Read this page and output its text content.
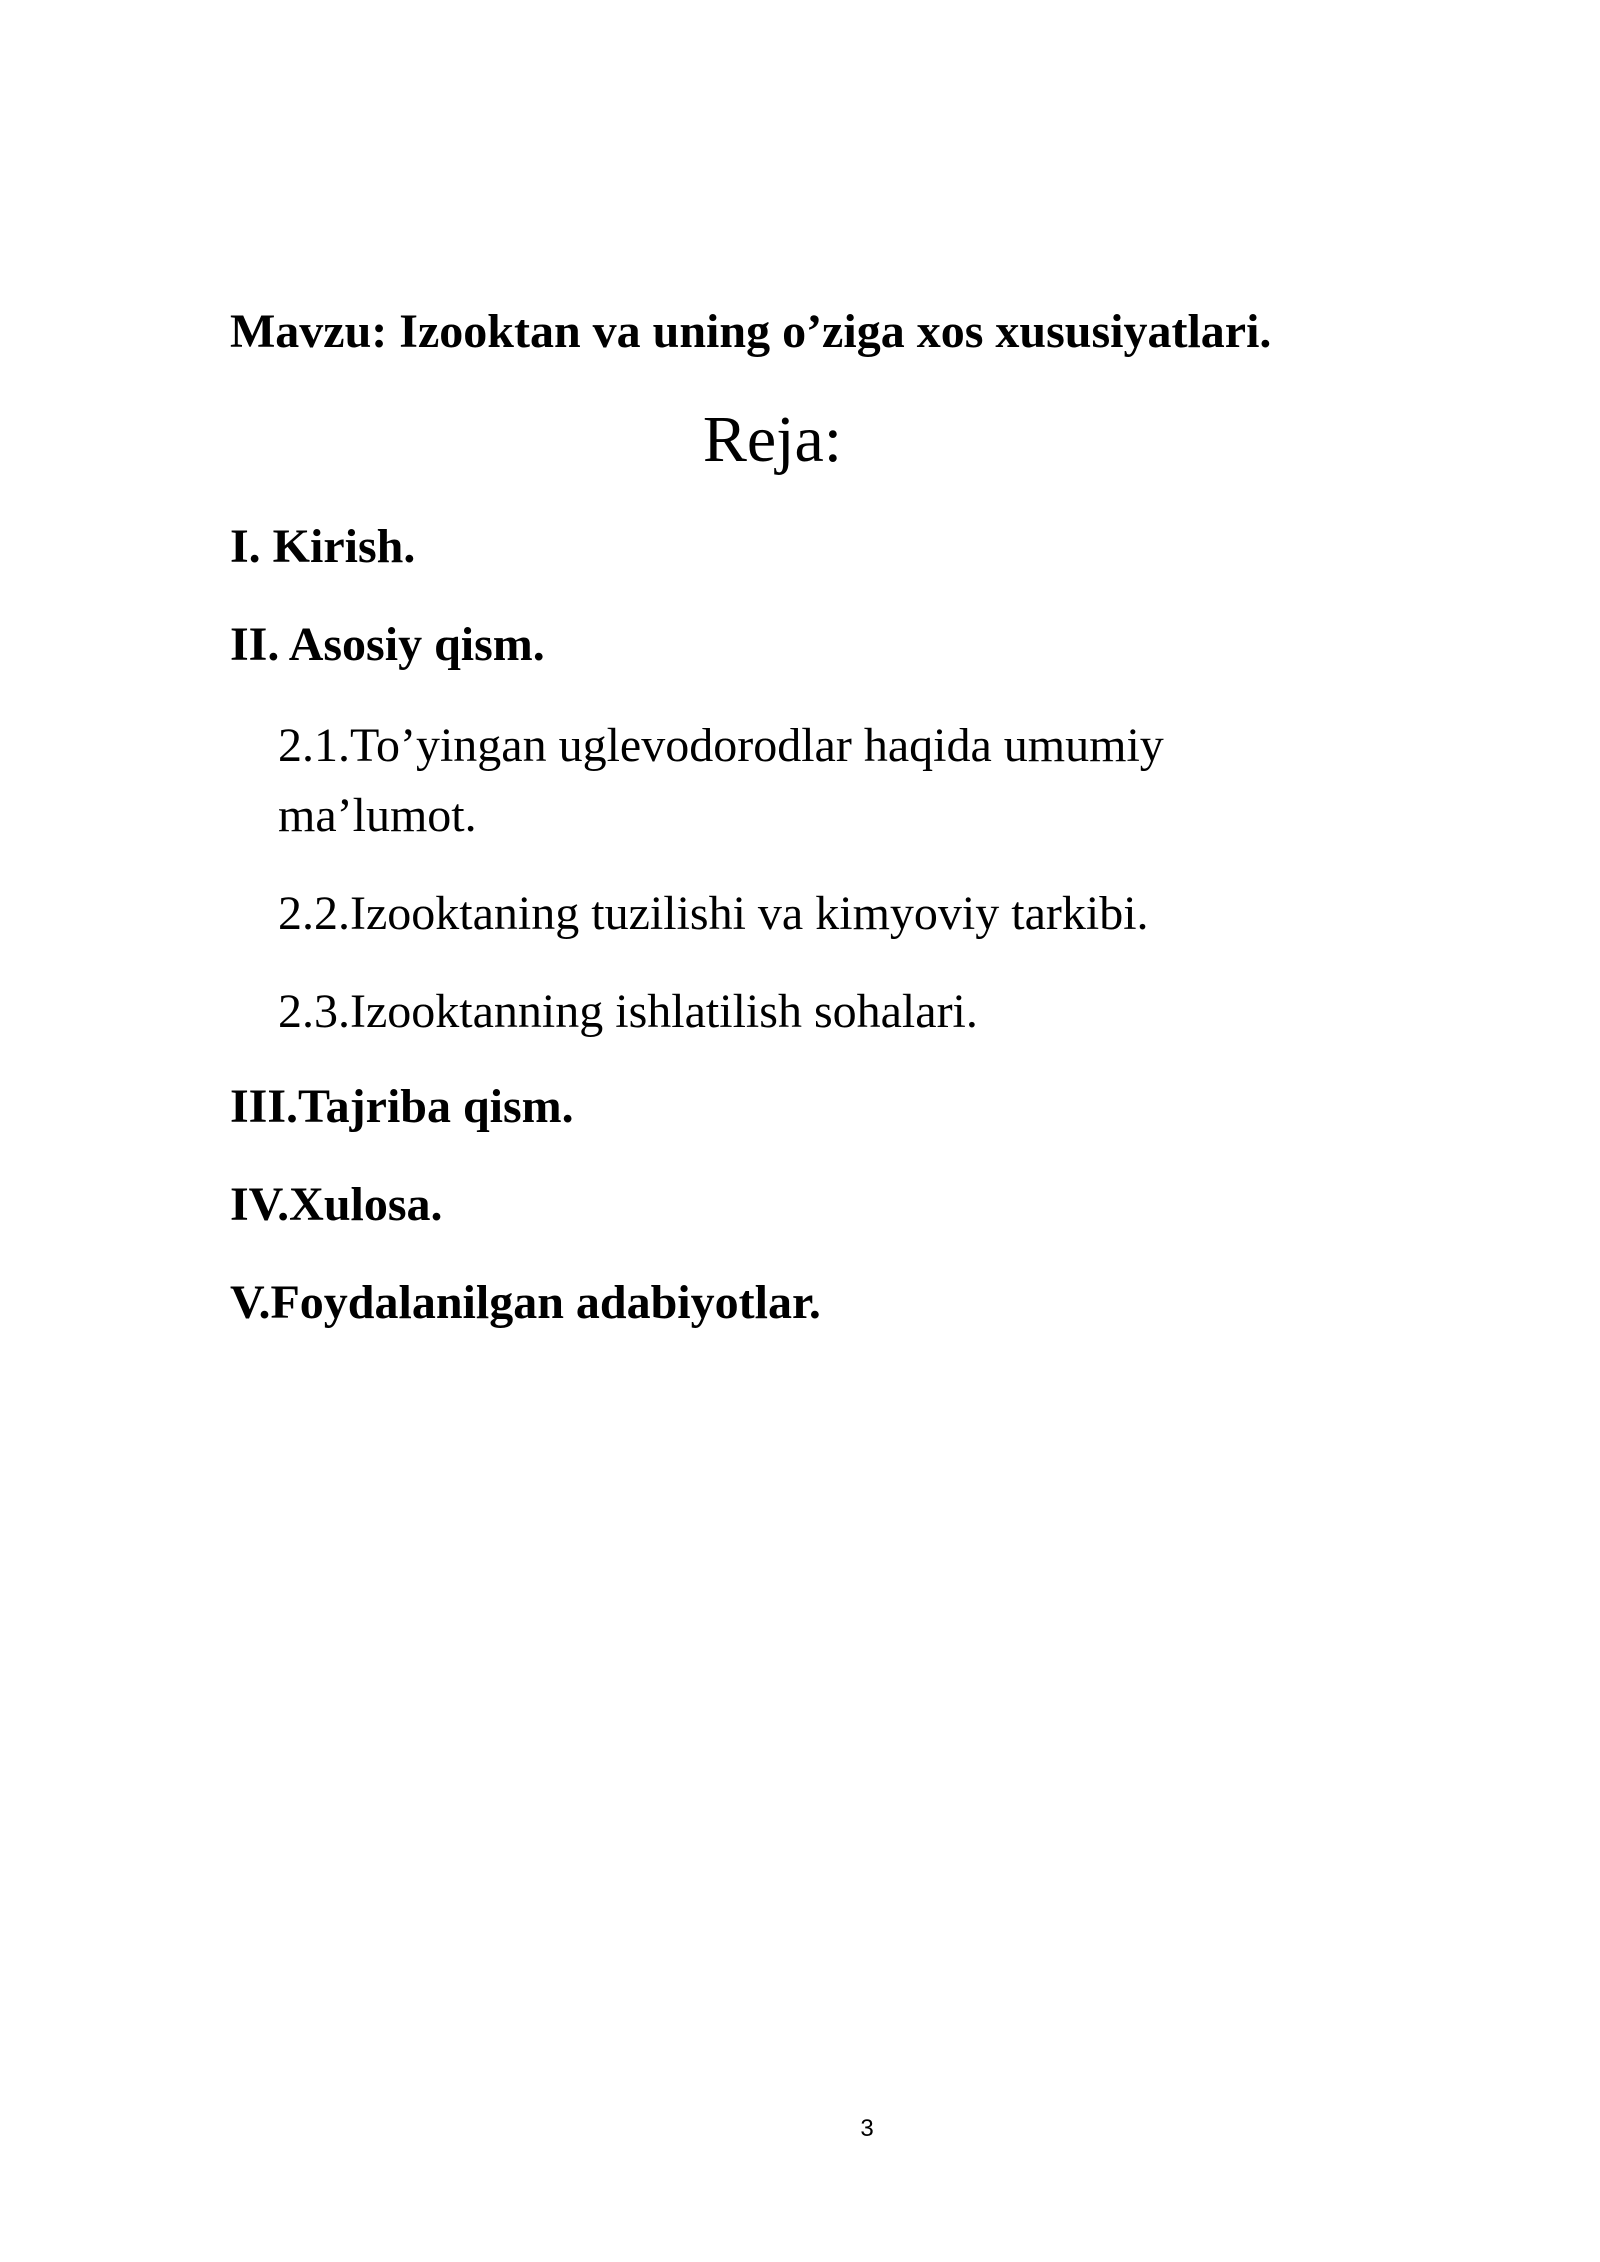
Mavzu: Izooktan va uning o’ziga xos xususiyatlari.
Reja:
I. Kirish.
II. Asosiy qism.
2.1.To’yingan uglevodorodlar haqida umumiy ma’lumot.
2.2.Izooktaning tuzilishi va kimyoviy tarkibi.
2.3.Izooktanning ishlatilish sohalari.
III.Tajriba qism.
IV.Xulosa.
V.Foydalanilgan adabiyotlar.
3
